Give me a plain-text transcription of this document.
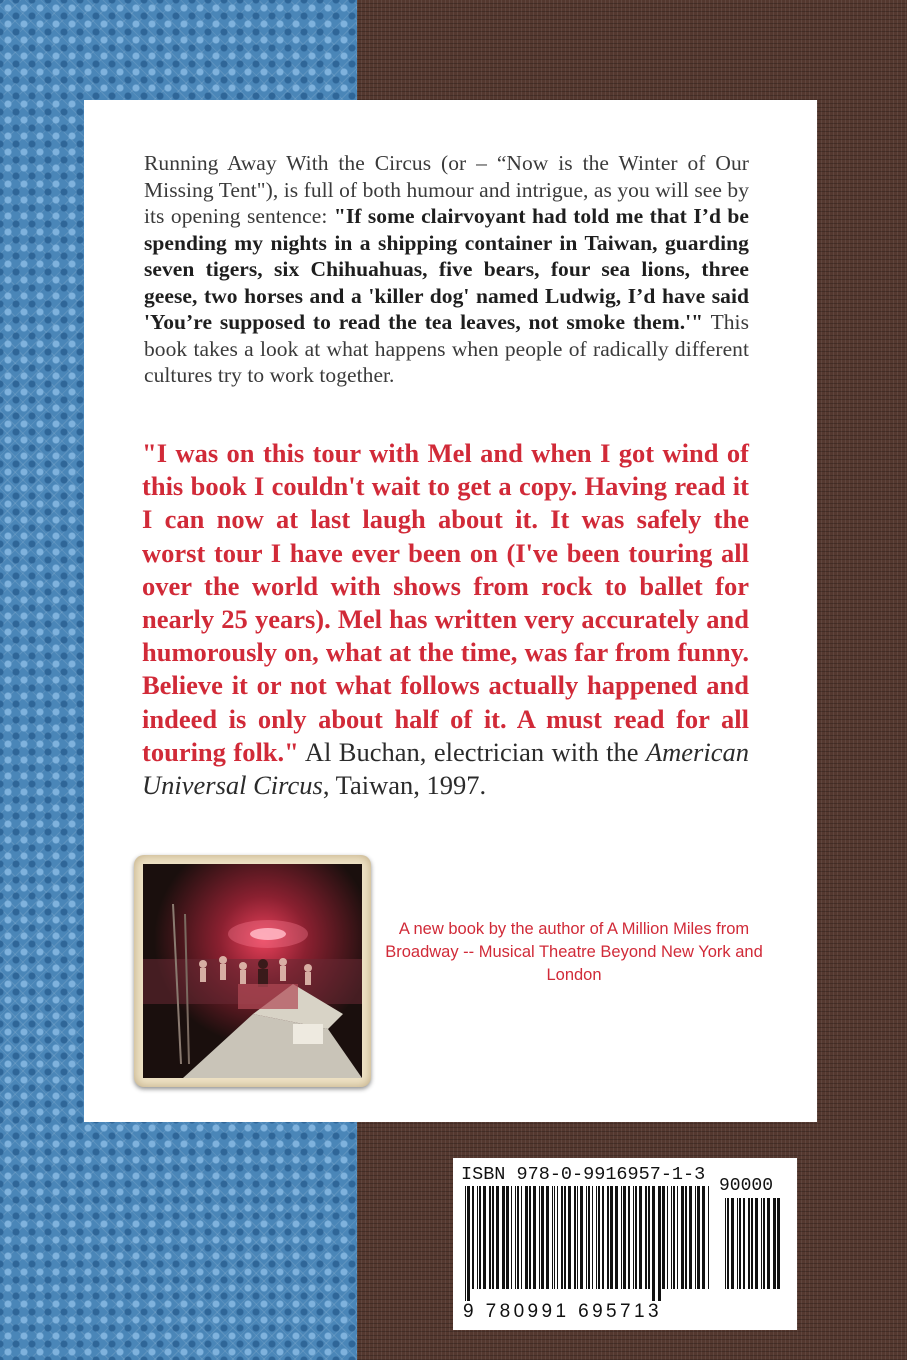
Running Away With the Circus (or – “Now is the Winter of Our Missing Tent"), is full of both humour and intrigue, as you will see by its opening sentence: "If some clairvoyant had told me that I’d be spending my nights in a shipping container in Taiwan, guarding seven tigers, six Chihuahuas, five bears, four sea lions, three geese, two horses and a 'killer dog' named Ludwig, I’d have said 'You’re supposed to read the tea leaves, not smoke them.'" This book takes a look at what happens when people of radically different cultures try to work together.

"I was on this tour with Mel and when I got wind of this book I couldn't wait to get a copy. Having read it I can now at last laugh about it. It was safely the worst tour I have ever been on (I've been touring all over the world with shows from rock to ballet for nearly 25 years). Mel has written very accurately and humorously on, what at the time, was far from funny. Believe it or not what follows actually happened and indeed is only about half of it. A must read for all touring folk." Al Buchan, electrician with the American Universal Circus, Taiwan, 1997.

A new book by the author of A Million Miles from Broadway -- Musical Theatre Beyond New York and London
ISBN 978-0-9916957-1-3
90000
9 780991 695713
